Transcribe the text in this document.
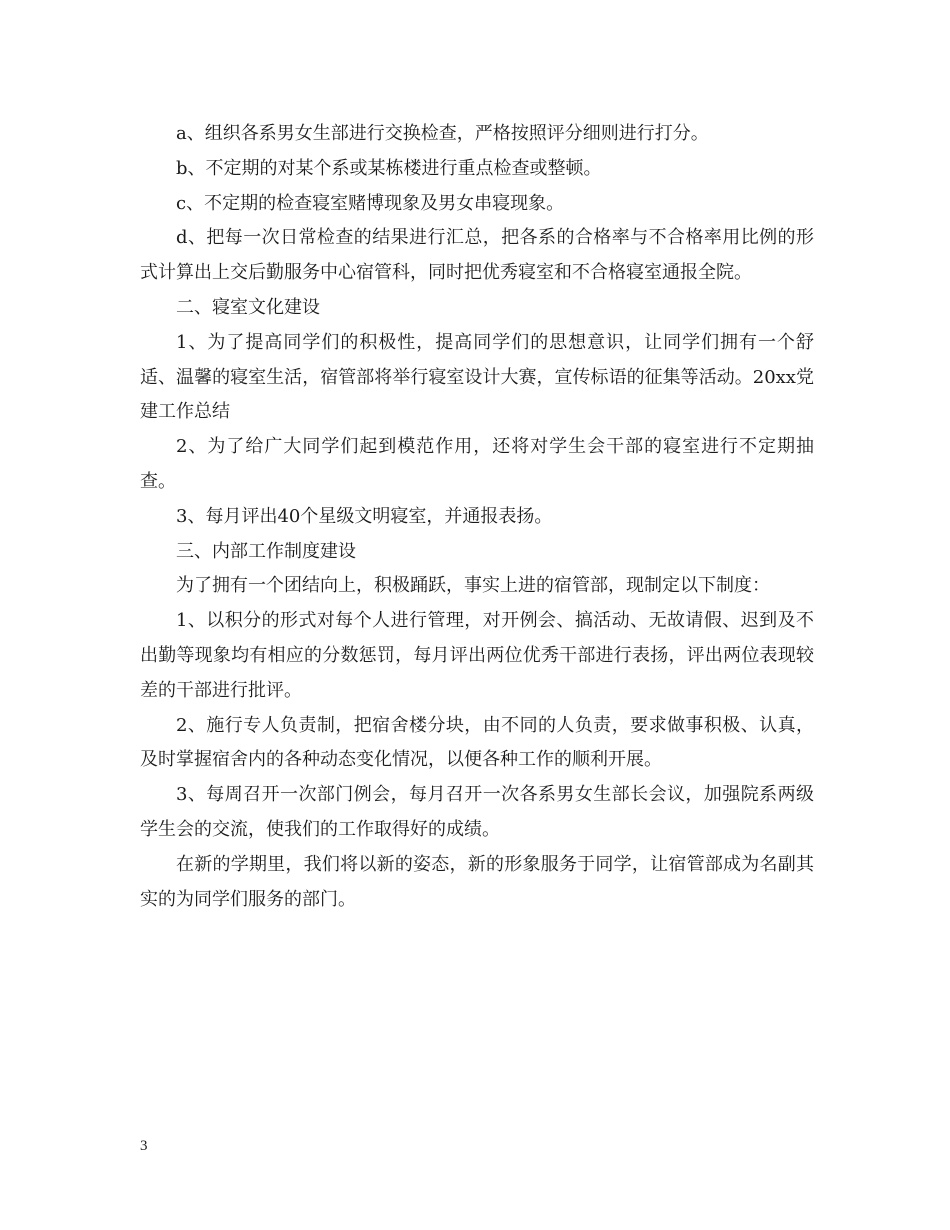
a、组织各系男女生部进行交换检查，严格按照评分细则进行打分。

b、不定期的对某个系或某栋楼进行重点检查或整顿。

c、不定期的检查寝室赌博现象及男女串寝现象。

d、把每一次日常检查的结果进行汇总，把各系的合格率与不合格率用比例的形式计算出上交后勤服务中心宿管科，同时把优秀寝室和不合格寝室通报全院。

二、寝室文化建设

1、为了提高同学们的积极性，提高同学们的思想意识，让同学们拥有一个舒适、温馨的寝室生活，宿管部将举行寝室设计大赛，宣传标语的征集等活动。20xx党建工作总结

2、为了给广大同学们起到模范作用，还将对学生会干部的寝室进行不定期抽查。

3、每月评出40个星级文明寝室，并通报表扬。

三、内部工作制度建设

为了拥有一个团结向上，积极踊跃，事实上进的宿管部，现制定以下制度：

1、以积分的形式对每个人进行管理，对开例会、搞活动、无故请假、迟到及不出勤等现象均有相应的分数惩罚，每月评出两位优秀干部进行表扬，评出两位表现较差的干部进行批评。

2、施行专人负责制，把宿舍楼分块，由不同的人负责，要求做事积极、认真，及时掌握宿舍内的各种动态变化情况，以便各种工作的顺利开展。

3、每周召开一次部门例会，每月召开一次各系男女生部长会议，加强院系两级学生会的交流，使我们的工作取得好的成绩。

在新的学期里，我们将以新的姿态，新的形象服务于同学，让宿管部成为名副其实的为同学们服务的部门。

3
